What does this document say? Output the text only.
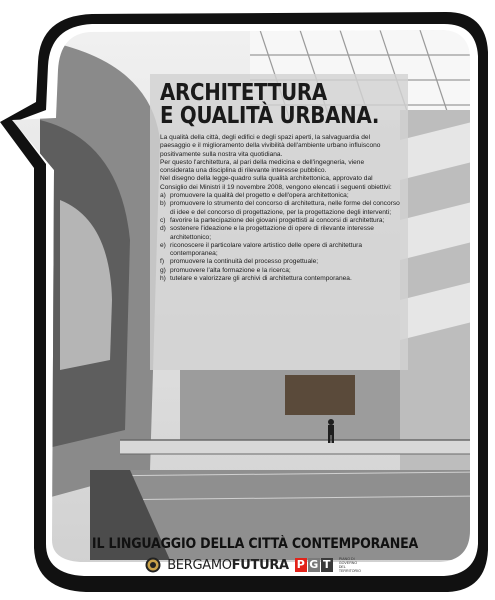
ARCHITETTURA
E QUALITÀ URBANA.

La qualità della città, degli edifici e degli spazi aperti, la salvaguardia del paesaggio e il miglioramento della vivibilità dell'ambiente urbano influiscono positivamente sulla nostra vita quotidiana.

Per questo l'architettura, al pari della medicina e dell'ingegneria, viene considerata una disciplina di rilevante interesse pubblico.

Nel disegno della legge-quadro sulla qualità architettonica, approvato dal Consiglio dei Ministri il 19 novembre 2008, vengono elencati i seguenti obiettivi:

a) promuovere la qualità del progetto e dell'opera architettonica;
b) promuovere lo strumento del concorso di architettura, nelle forme del concorso di idee e del concorso di progettazione, per la progettazione degli interventi;
c) favorire la partecipazione dei giovani progettisti ai concorsi di architettura;
d) sostenere l'ideazione e la progettazione di opere di rilevante interesse architettonico;
e) riconoscere il particolare valore artistico delle opere di architettura contemporanea;
f) promuovere la continuità del processo progettuale;
g) promuovere l'alta formazione e la ricerca;
h) tutelare e valorizzare gli archivi di architettura contemporanea.
IL LINGUAGGIO DELLA CITTÀ CONTEMPORANEA
BERGAMOFUTURA P G T	PIANO DI GOVERNO DEL TERRITORIO
